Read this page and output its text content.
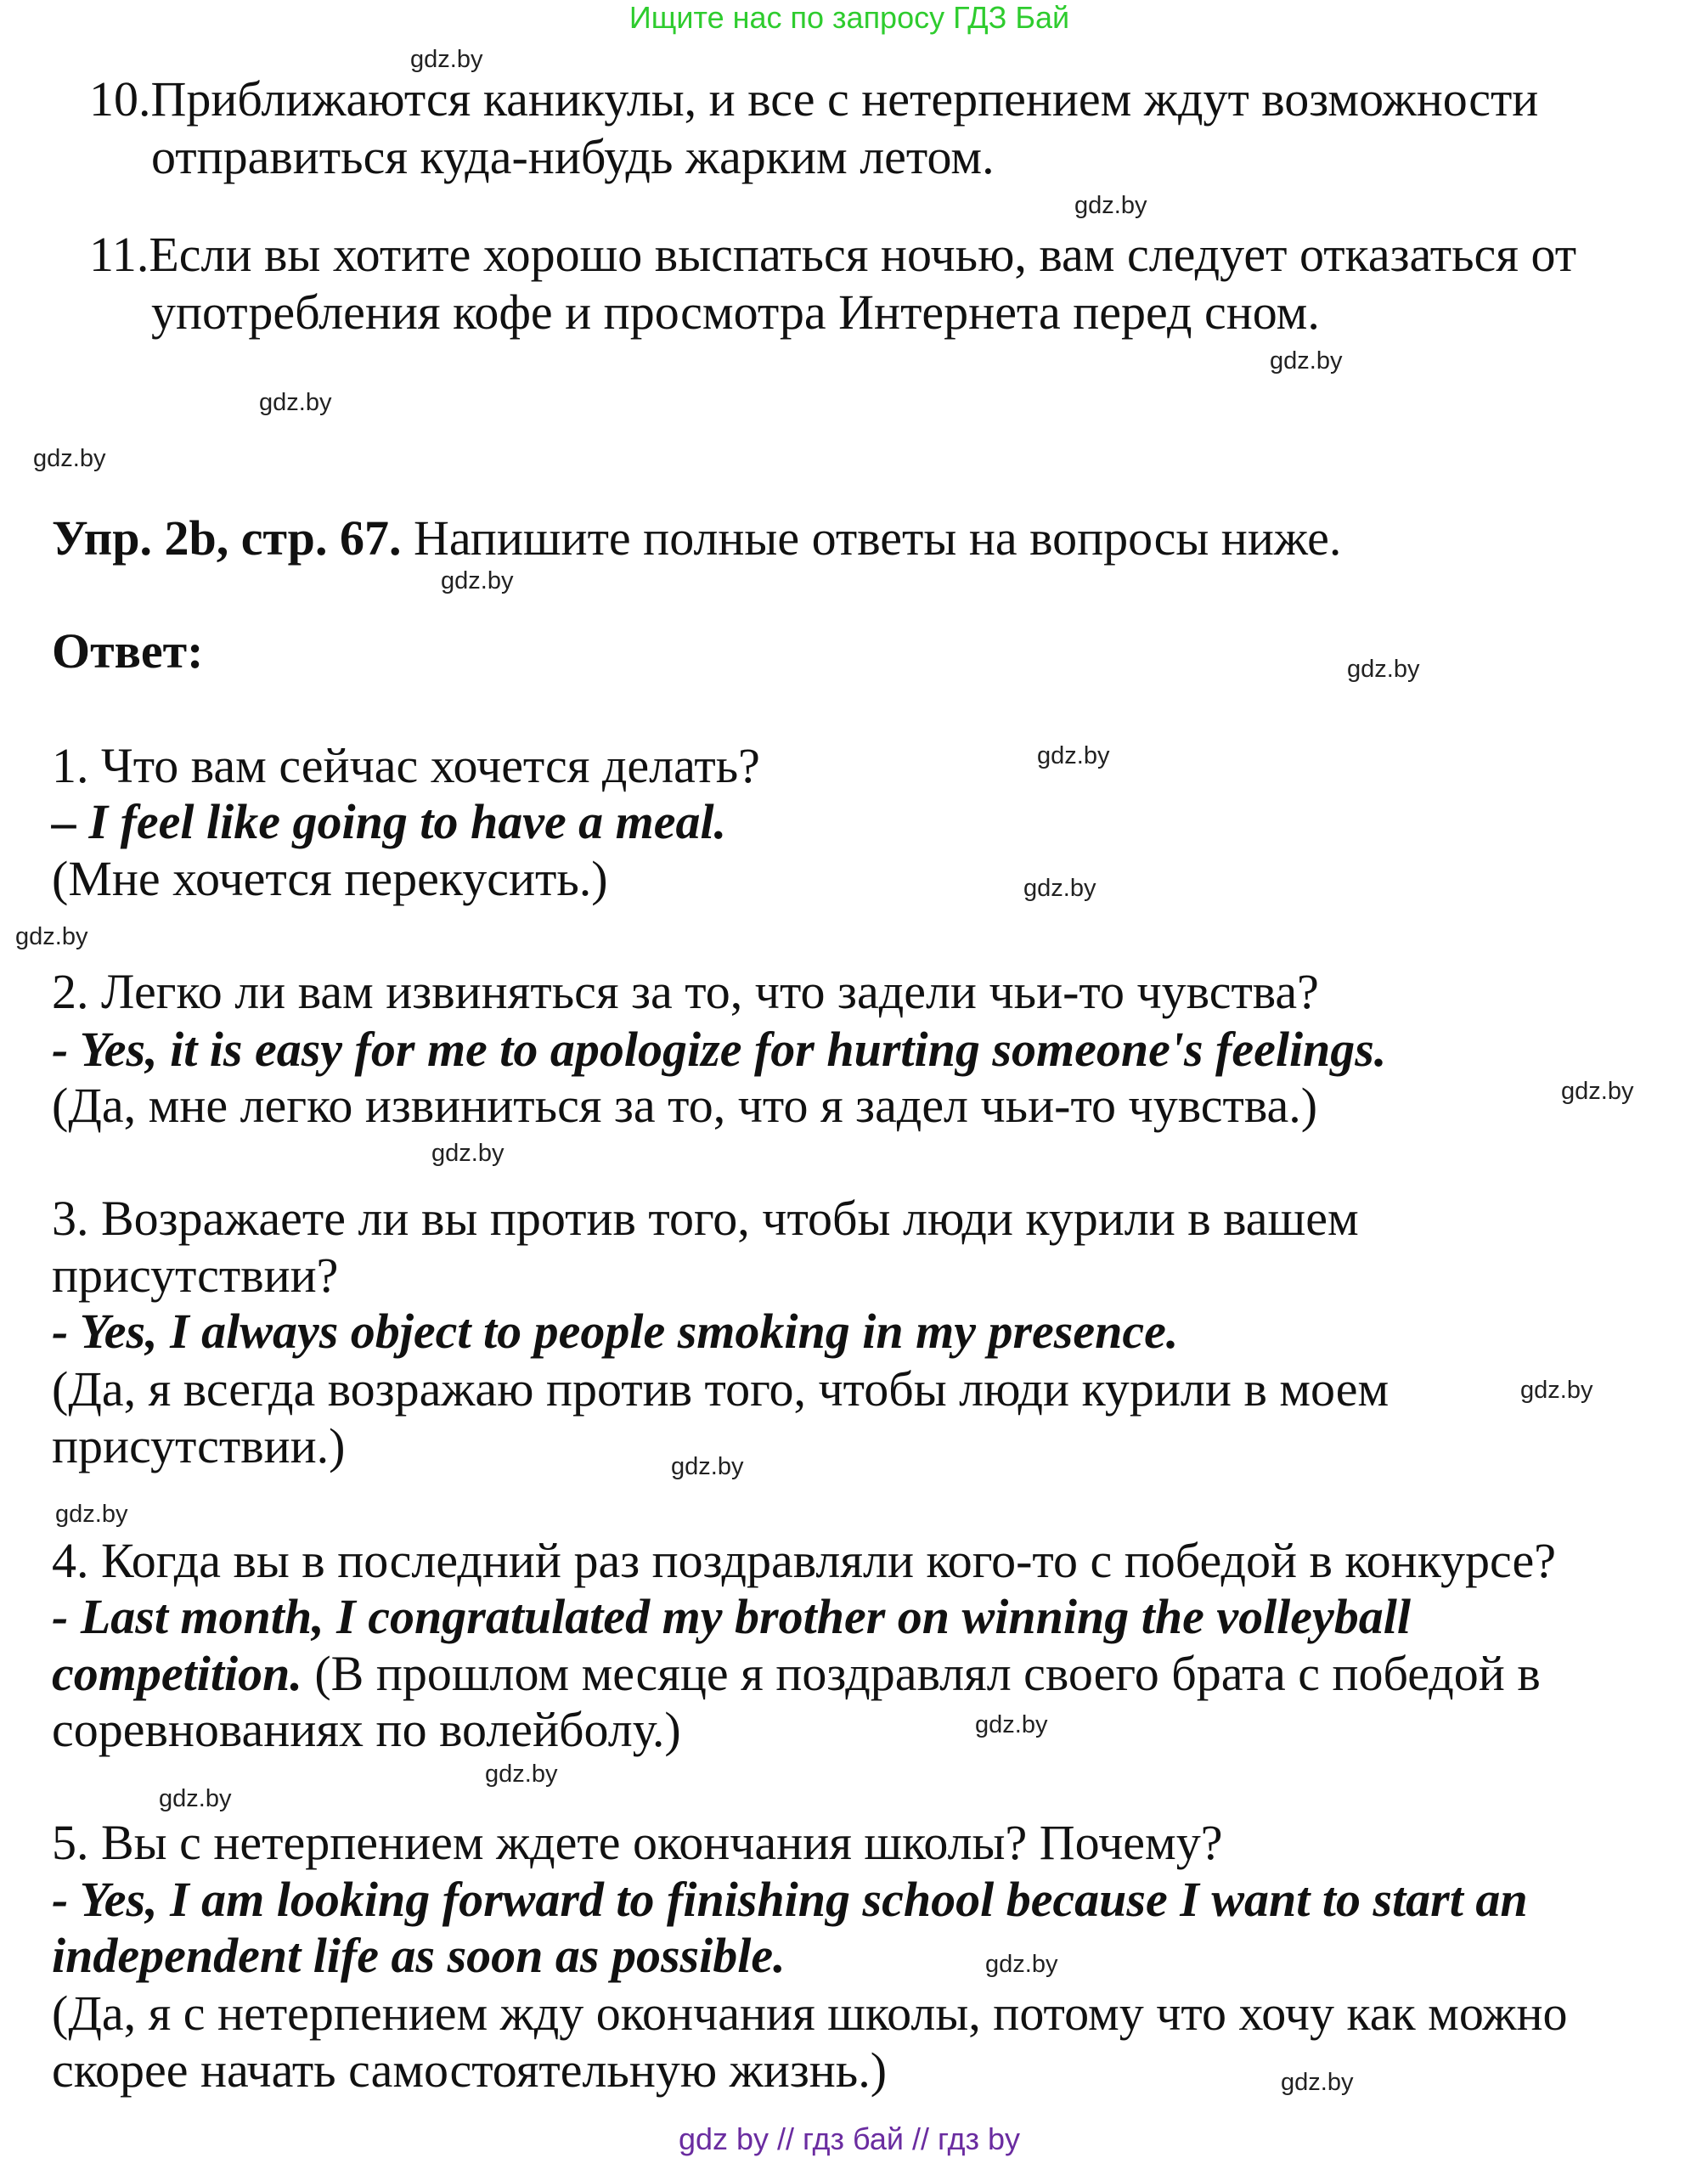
Ищите нас по запросу ГДЗ Бай
10.Приближаются каникулы, и все с нетерпением ждут возможности
отправиться куда-нибудь жарким летом.
11.Если вы хотите хорошо выспаться ночью, вам следует отказаться от
употребления кофе и просмотра Интернета перед сном.
Упр. 2b, стр. 67. Напишите полные ответы на вопросы ниже.
Ответ:
1. Что вам сейчас хочется делать?
– I feel like going to have a meal.
(Мне хочется перекусить.)
2. Легко ли вам извиняться за то, что задели чьи-то чувства?
- Yes, it is easy for me to apologize for hurting someone's feelings.
(Да, мне легко извиниться за то, что я задел чьи-то чувства.)
3. Возражаете ли вы против того, чтобы люди курили в вашем
присутствии?
- Yes, I always object to people smoking in my presence.
(Да, я всегда возражаю против того, чтобы люди курили в моем
присутствии.)
4. Когда вы в последний раз поздравляли кого-то с победой в конкурсе?
- Last month, I congratulated my brother on winning the volleyball
competition. (В прошлом месяце я поздравлял своего брата с победой в
соревнованиях по волейболу.)
5. Вы с нетерпением ждете окончания школы? Почему?
- Yes, I am looking forward to finishing school because I want to start an
independent life as soon as possible.
(Да, я с нетерпением жду окончания школы, потому что хочу как можно
скорее начать самостоятельную жизнь.)
gdz.by
gdz.by
gdz.by
gdz.by
gdz.by
gdz.by
gdz.by
gdz.by
gdz.by
gdz.by
gdz.by
gdz.by
gdz.by
gdz.by
gdz.by
gdz.by
gdz.by
gdz.by
gdz.by
gdz.by
gdz by // гдз бай // гдз by
